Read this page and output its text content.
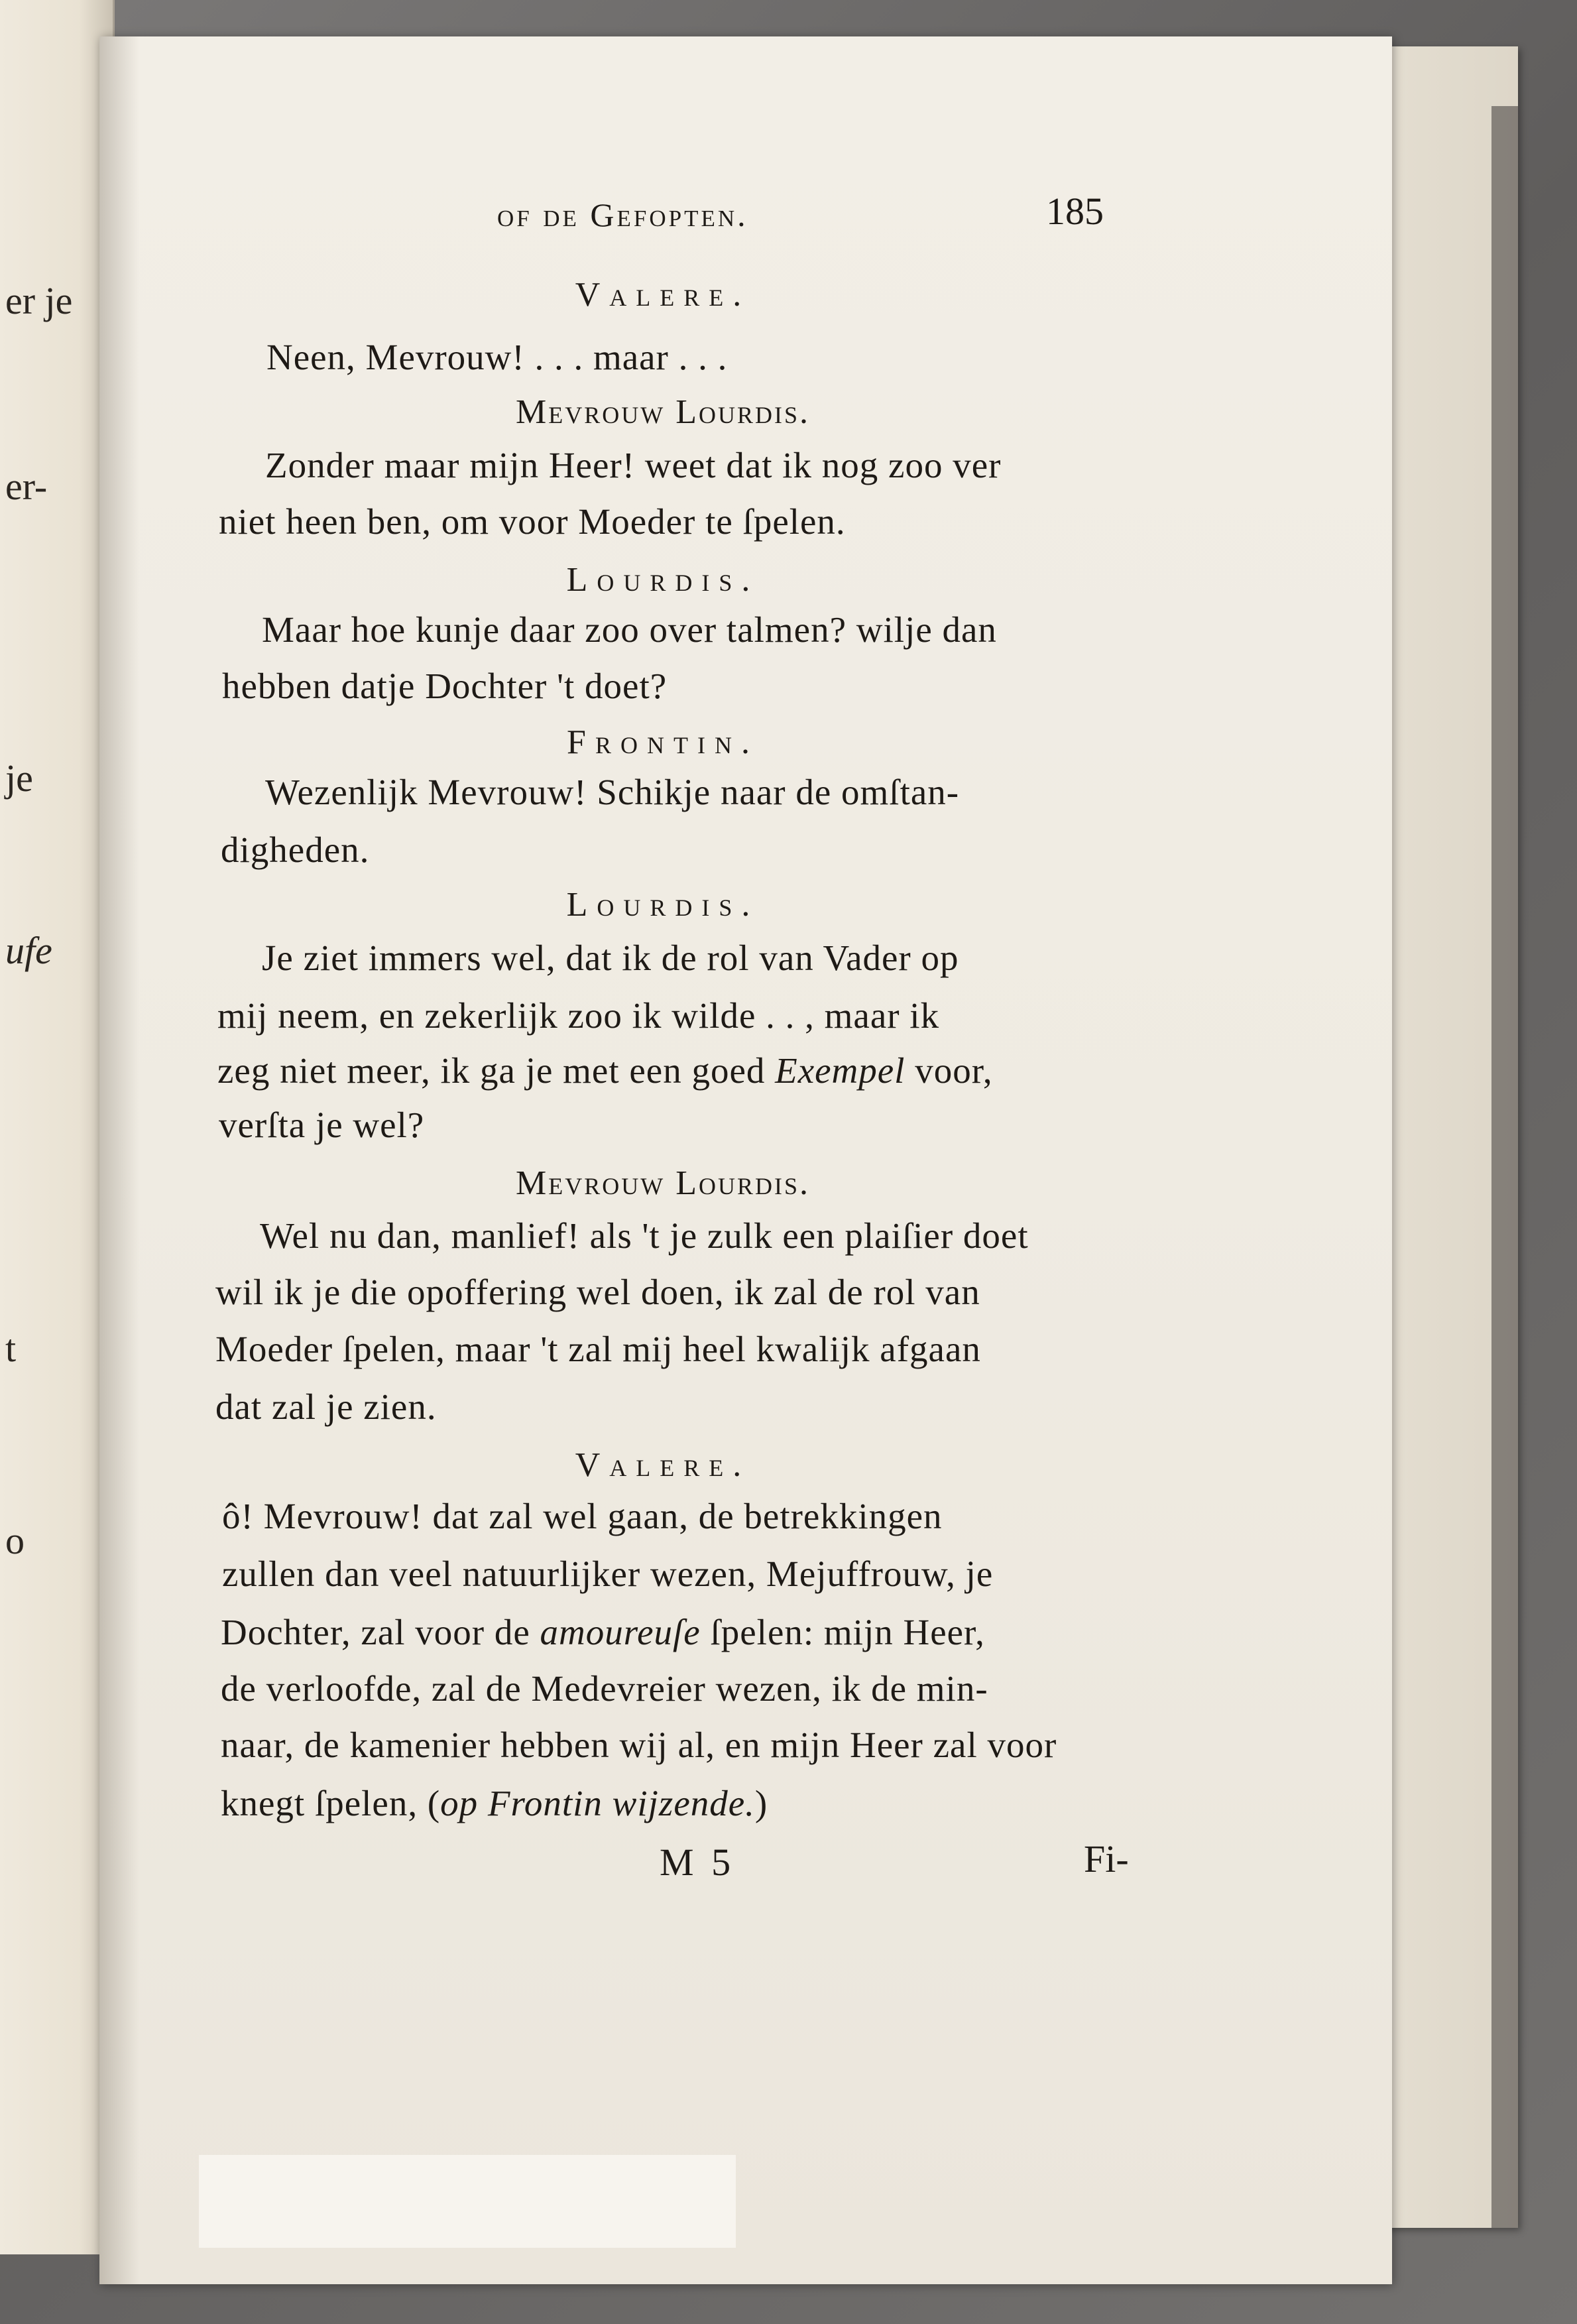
er je
er-
je
ufe
t
o
of de Gefopten.	185
Valere.
Neen, Mevrouw! . . . maar . . .
Mevrouw Lourdis.
Zonder maar mijn Heer! weet dat ik nog zoo ver
niet heen ben, om voor Moeder te ſpelen.
Lourdis.
Maar hoe kunje daar zoo over talmen? wilje dan
hebben datje Dochter 't doet?
Frontin.
Wezenlijk Mevrouw! Schikje naar de omſtan-
digheden.
Lourdis.
Je ziet immers wel, dat ik de rol van Vader op
mij neem, en zekerlijk zoo ik wilde . . , maar ik
zeg niet meer, ik ga je met een goed Exempel voor,
verſta je wel?
Mevrouw Lourdis.
Wel nu dan, manlief! als 't je zulk een plaiſier doet
wil ik je die opoffering wel doen, ik zal de rol van
Moeder ſpelen, maar 't zal mij heel kwalijk afgaan
dat zal je zien.
Valere.
ô! Mevrouw! dat zal wel gaan, de betrekkingen
zullen dan veel natuurlijker wezen, Mejuffrouw, je
Dochter, zal voor de amoureuſe ſpelen: mijn Heer,
de verloofde, zal de Medevreier wezen, ik de min-
naar, de kamenier hebben wij al, en mijn Heer zal voor
knegt ſpelen, (op Frontin wijzende.)
M 5	Fi-
